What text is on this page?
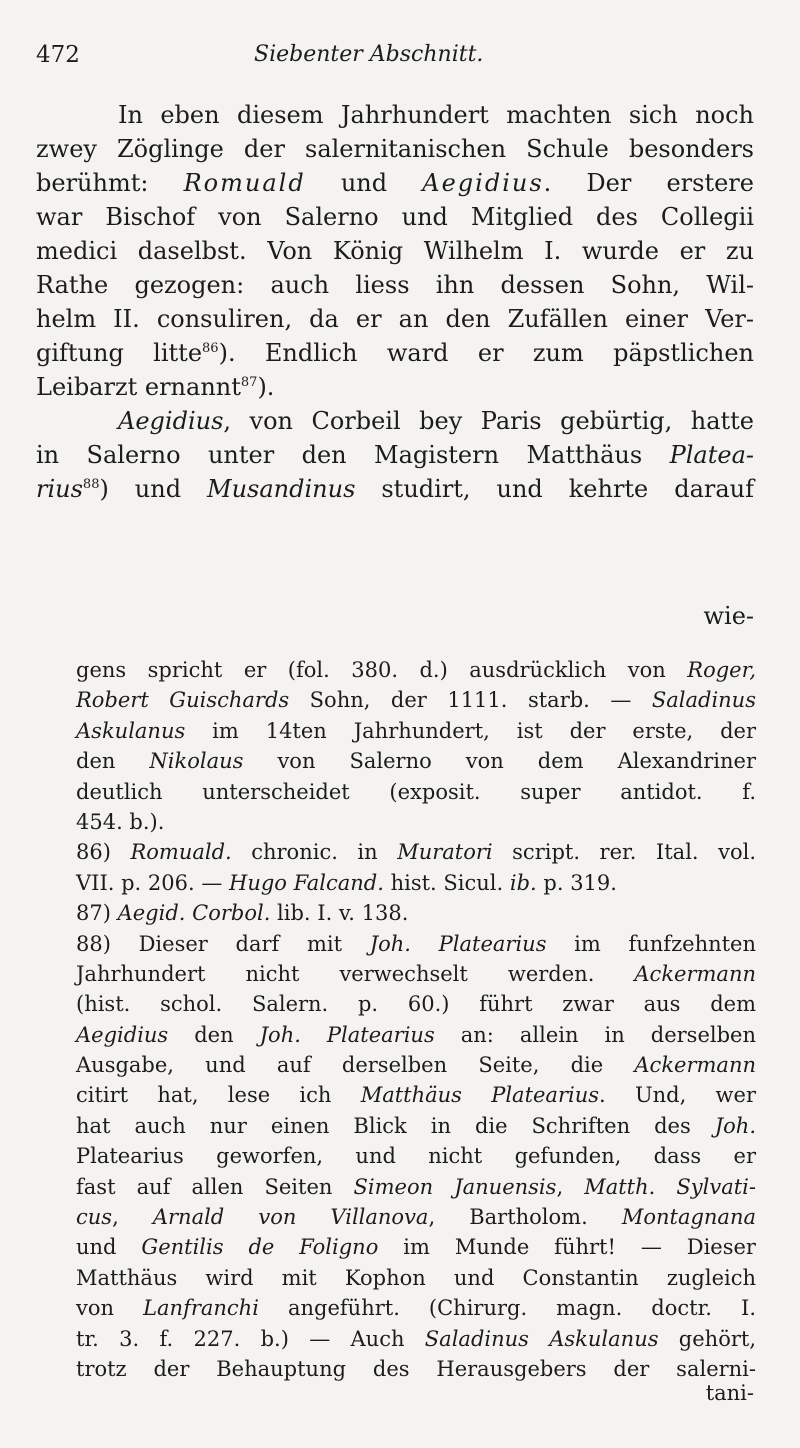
472	Siebenter Abschnitt.
In eben diesem Jahrhundert machten sich noch
zwey Zöglinge der salernitanischen Schule besonders
berühmt: Romuald und Aegidius. Der erstere
war Bischof von Salerno und Mitglied des Collegii
medici daselbst. Von König Wilhelm I. wurde er zu
Rathe gezogen: auch liess ihn dessen Sohn, Wil-
helm II. consuliren, da er an den Zufällen einer Ver-
giftung litte$^{86}$). Endlich ward er zum päpstlichen
Leibarzt ernannt$^{87}$).
Aegidius, von Corbeil bey Paris gebürtig, hatte
in Salerno unter den Magistern Matthäus Platea-
rius$^{88}$) und Musandinus studirt, und kehrte darauf
wie-
gens spricht er (fol. 380. d.) ausdrücklich von Roger,
Robert Guischards Sohn, der 1111. starb. — Saladinus
Askulanus im 14ten Jahrhundert, ist der erste, der
den Nikolaus von Salerno von dem Alexandriner
deutlich unterscheidet (exposit. super antidot. f.
454. b.).
86) Romuald. chronic. in Muratori script. rer. Ital. vol.
VII. p. 206. — Hugo Falcand. hist. Sicul. ib. p. 319.
87) Aegid. Corbol. lib. I. v. 138.
88) Dieser darf mit Joh. Platearius im funfzehnten
Jahrhundert nicht verwechselt werden. Ackermann
(hist. schol. Salern. p. 60.) führt zwar aus dem
Aegidius den Joh. Platearius an: allein in derselben
Ausgabe, und auf derselben Seite, die Ackermann
citirt hat, lese ich Matthäus Platearius. Und, wer
hat auch nur einen Blick in die Schriften des Joh.
Platearius geworfen, und nicht gefunden, dass er
fast auf allen Seiten Simeon Januensis, Matth. Sylvati-
cus, Arnald von Villanova, Bartholom. Montagnana
und Gentilis de Foligno im Munde führt! — Dieser
Matthäus wird mit Kophon und Constantin zugleich
von Lanfranchi angeführt. (Chirurg. magn. doctr. I.
tr. 3. f. 227. b.) — Auch Saladinus Askulanus gehört,
trotz der Behauptung des Herausgebers der salerni-
tani-
